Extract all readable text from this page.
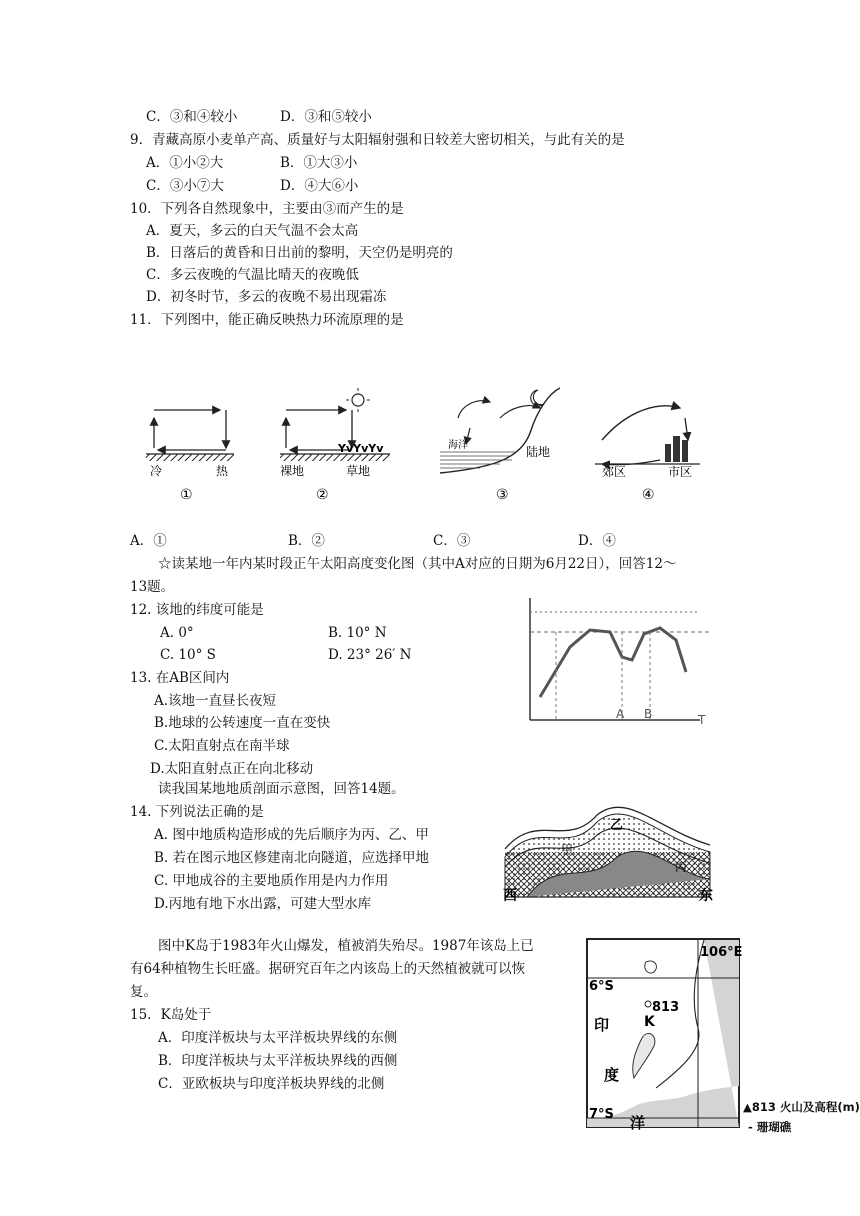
C．③和④较小	D．③和⑤较小
9．青藏高原小麦单产高、质量好与太阳辐射强和日较差大密切相关，与此有关的是
A．①小②大	B．①大③小
C．③小⑦大	D．④大⑥小
10．下列各自然现象中，主要由③而产生的是
A．夏天，多云的白天气温不会太高
B．日落后的黄昏和日出前的黎明，天空仍是明亮的
C．多云夜晚的气温比晴天的夜晚低
D．初冬时节，多云的夜晚不易出现霜冻
11．下列图中，能正确反映热力环流原理的是
冷	热
①
YvYvYv
裸地	草地
②
海洋	陆地
③
郊区	市区
④
A．①	B．②	C．③	D．④
☆读某地一年内某时段正午太阳高度变化图（其中A对应的日期为6月22日），回答12～
13题。
A B	T
12. 该地的纬度可能是
A. 0°	B. 10° N
C. 10° S	D. 23° 26′ N
13. 在AB区间内
A.该地一直昼长夜短
B.地球的公转速度一直在变快
C.太阳直射点在南半球
D.太阳直射点正在向北移动
读我国某地地质剖面示意图，回答14题。
乙
甲
丙
西	东
14. 下列说法正确的是
A. 图中地质构造形成的先后顺序为丙、乙、甲
B. 若在图示地区修建南北向隧道，应选择甲地
C. 甲地成谷的主要地质作用是内力作用
D.丙地有地下水出露，可建大型水库
图中K岛于1983年火山爆发，植被消失殆尽。1987年该岛上已
有64种植物生长旺盛。据研究百年之内该岛上的天然植被就可以恢
复。
106°E
6°S
813
K
印
度
7°S 洋
▲813 火山及高程(m)
- 珊瑚礁
15．K岛处于
A．印度洋板块与太平洋板块界线的东侧
B．印度洋板块与太平洋板块界线的西侧
C．亚欧板块与印度洋板块界线的北侧
